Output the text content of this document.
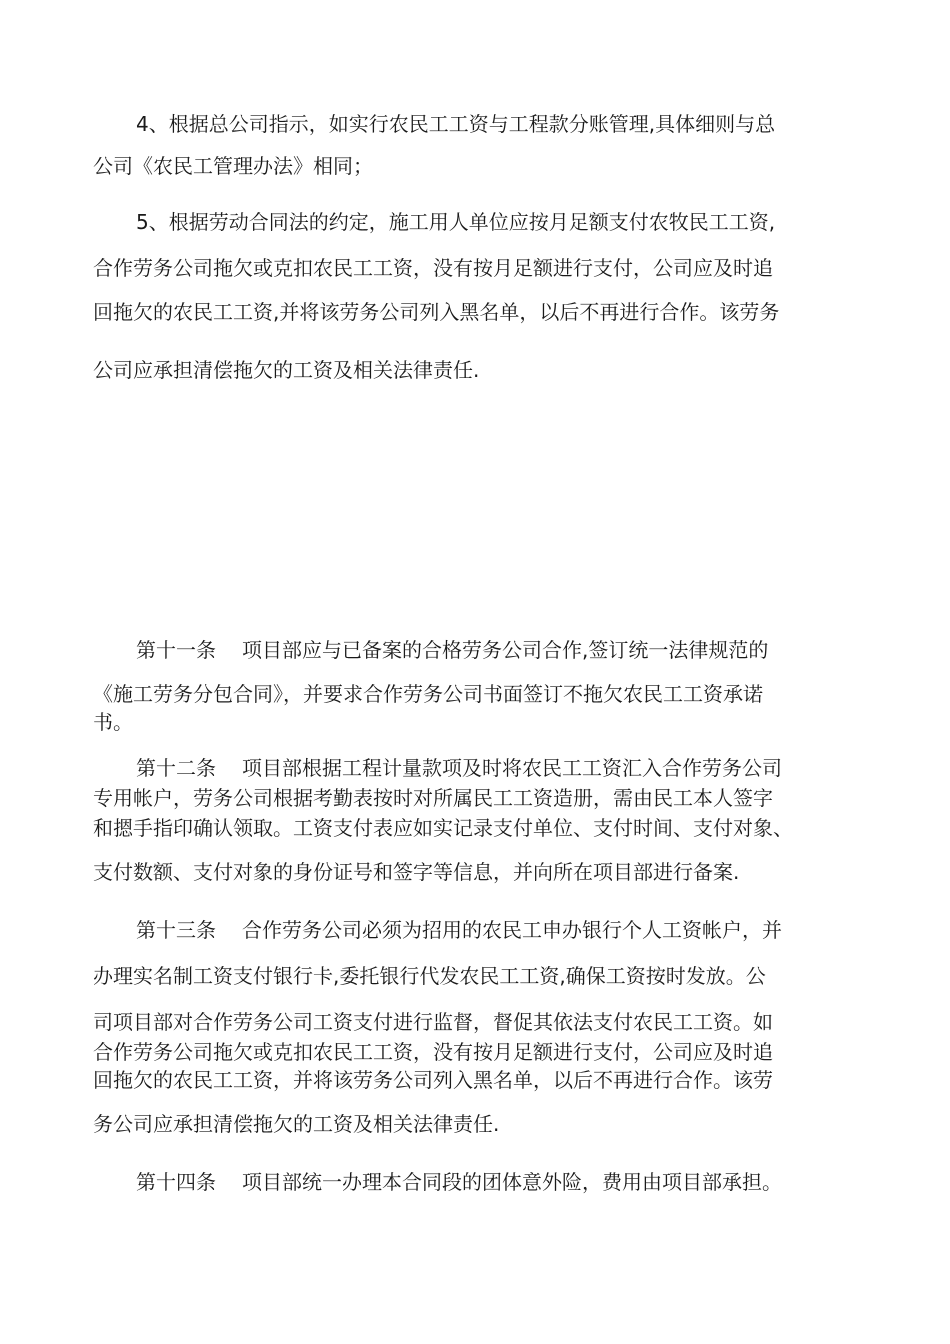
4、根据总公司指示，如实行农民工工资与工程款分账管理,具体细则与总
公司《农民工管理办法》相同；
5、根据劳动合同法的约定，施工用人单位应按月足额支付农牧民工工资,
合作劳务公司拖欠或克扣农民工工资，没有按月足额进行支付，公司应及时追
回拖欠的农民工工资,并将该劳务公司列入黑名单，以后不再进行合作。该劳务
公司应承担清偿拖欠的工资及相关法律责任.
第十一条 项目部应与已备案的合格劳务公司合作,签订统一法律规范的
《施工劳务分包合同》，并要求合作劳务公司书面签订不拖欠农民工工资承诺
书。
第十二条 项目部根据工程计量款项及时将农民工工资汇入合作劳务公司
专用帐户，劳务公司根据考勤表按时对所属民工工资造册，需由民工本人签字
和摁手指印确认领取。工资支付表应如实记录支付单位、支付时间、支付对象、
支付数额、支付对象的身份证号和签字等信息，并向所在项目部进行备案.
第十三条 合作劳务公司必须为招用的农民工申办银行个人工资帐户，并
办理实名制工资支付银行卡,委托银行代发农民工工资,确保工资按时发放。公
司项目部对合作劳务公司工资支付进行监督，督促其依法支付农民工工资。如
合作劳务公司拖欠或克扣农民工工资，没有按月足额进行支付，公司应及时追
回拖欠的农民工工资，并将该劳务公司列入黑名单，以后不再进行合作。该劳
务公司应承担清偿拖欠的工资及相关法律责任.
第十四条 项目部统一办理本合同段的团体意外险，费用由项目部承担。
